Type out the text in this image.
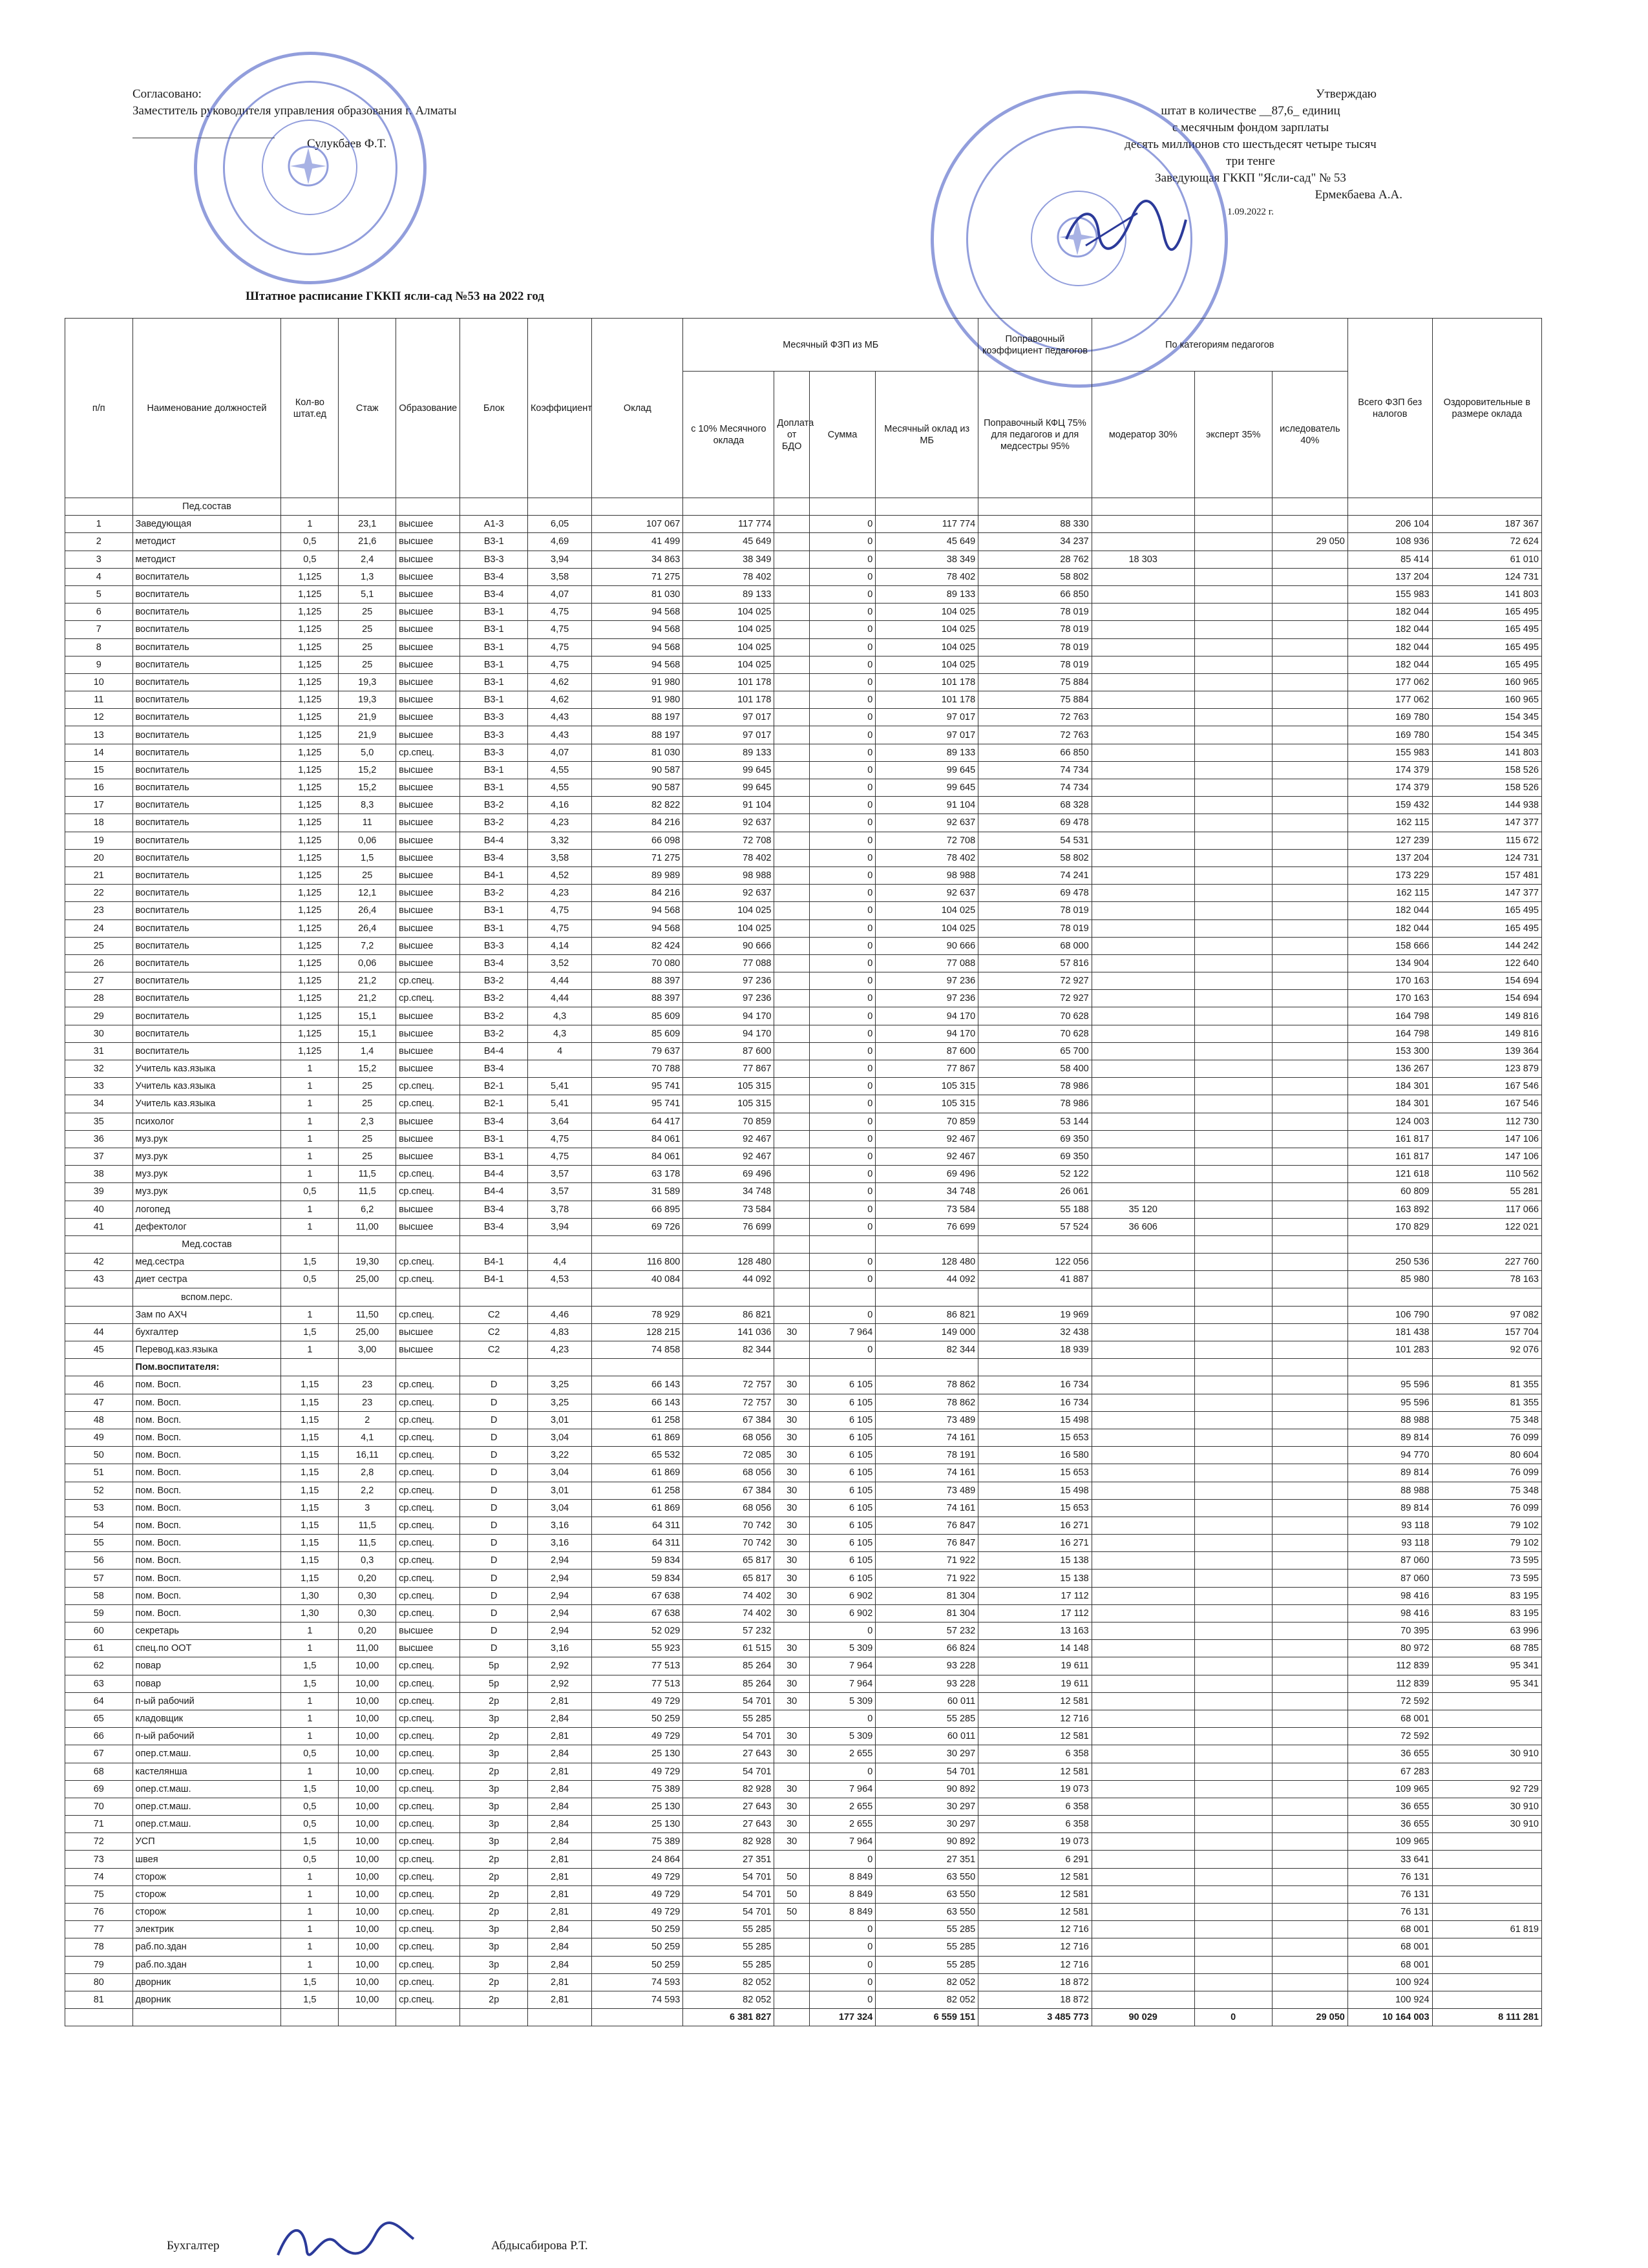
Согласовано:
Заместитель руководителя управления образования г. Алматы
Сулукбаев Ф.Т.
Утверждаю
штат в количестве __87,6_ единиц
с месячным фондом зарплаты
десять миллионов сто шестьдесят четыре тысяч
три тенге
Заведующая ГККП "Ясли-сад" № 53
Ермекбаева А.А.
1.09.2022 г.
Штатное расписание ГККП ясли-сад №53 на 2022 год
п/п	Наименование должностей	Кол-во штат.ед	Стаж	Образование	Блок	Коэффициент	Оклад	Месячный ФЗП из МБ				Поправочный коэффициент педагогов	По категориям педагогов			Всего ФЗП без налогов	Оздоровительные в размере оклада
								с 10% Месячного оклада	Доплата от БДО	Сумма	Месячный оклад из МБ	Поправочный КФЦ 75% для педагогов и для медсестры 95%	модератор 30%	эксперт 35%	иследователь 40%		
	Пед.состав																
1	Заведующая	1	23,1	высшее	А1-3	6,05	107 067	117 774		0	117 774	88 330				206 104	187 367
2	методист	0,5	21,6	высшее	В3-1	4,69	41 499	45 649		0	45 649	34 237			29 050	108 936	72 624
3	методист	0,5	2,4	высшее	В3-3	3,94	34 863	38 349		0	38 349	28 762	18 303			85 414	61 010
4	воспитатель	1,125	1,3	высшее	В3-4	3,58	71 275	78 402		0	78 402	58 802				137 204	124 731
5	воспитатель	1,125	5,1	высшее	В3-4	4,07	81 030	89 133		0	89 133	66 850				155 983	141 803
6	воспитатель	1,125	25	высшее	В3-1	4,75	94 568	104 025		0	104 025	78 019				182 044	165 495
7	воспитатель	1,125	25	высшее	В3-1	4,75	94 568	104 025		0	104 025	78 019				182 044	165 495
8	воспитатель	1,125	25	высшее	В3-1	4,75	94 568	104 025		0	104 025	78 019				182 044	165 495
9	воспитатель	1,125	25	высшее	В3-1	4,75	94 568	104 025		0	104 025	78 019				182 044	165 495
10	воспитатель	1,125	19,3	высшее	В3-1	4,62	91 980	101 178		0	101 178	75 884				177 062	160 965
11	воспитатель	1,125	19,3	высшее	В3-1	4,62	91 980	101 178		0	101 178	75 884				177 062	160 965
12	воспитатель	1,125	21,9	высшее	В3-3	4,43	88 197	97 017		0	97 017	72 763				169 780	154 345
13	воспитатель	1,125	21,9	высшее	В3-3	4,43	88 197	97 017		0	97 017	72 763				169 780	154 345
14	воспитатель	1,125	5,0	ср.спец.	В3-3	4,07	81 030	89 133		0	89 133	66 850				155 983	141 803
15	воспитатель	1,125	15,2	высшее	В3-1	4,55	90 587	99 645		0	99 645	74 734				174 379	158 526
16	воспитатель	1,125	15,2	высшее	В3-1	4,55	90 587	99 645		0	99 645	74 734				174 379	158 526
17	воспитатель	1,125	8,3	высшее	В3-2	4,16	82 822	91 104		0	91 104	68 328				159 432	144 938
18	воспитатель	1,125	11	высшее	В3-2	4,23	84 216	92 637		0	92 637	69 478				162 115	147 377
19	воспитатель	1,125	0,06	высшее	В4-4	3,32	66 098	72 708		0	72 708	54 531				127 239	115 672
20	воспитатель	1,125	1,5	высшее	В3-4	3,58	71 275	78 402		0	78 402	58 802				137 204	124 731
21	воспитатель	1,125	25	высшее	В4-1	4,52	89 989	98 988		0	98 988	74 241				173 229	157 481
22	воспитатель	1,125	12,1	высшее	В3-2	4,23	84 216	92 637		0	92 637	69 478				162 115	147 377
23	воспитатель	1,125	26,4	высшее	В3-1	4,75	94 568	104 025		0	104 025	78 019				182 044	165 495
24	воспитатель	1,125	26,4	высшее	В3-1	4,75	94 568	104 025		0	104 025	78 019				182 044	165 495
25	воспитатель	1,125	7,2	высшее	В3-3	4,14	82 424	90 666		0	90 666	68 000				158 666	144 242
26	воспитатель	1,125	0,06	высшее	В3-4	3,52	70 080	77 088		0	77 088	57 816				134 904	122 640
27	воспитатель	1,125	21,2	ср.спец.	В3-2	4,44	88 397	97 236		0	97 236	72 927				170 163	154 694
28	воспитатель	1,125	21,2	ср.спец.	В3-2	4,44	88 397	97 236		0	97 236	72 927				170 163	154 694
29	воспитатель	1,125	15,1	высшее	В3-2	4,3	85 609	94 170		0	94 170	70 628				164 798	149 816
30	воспитатель	1,125	15,1	высшее	В3-2	4,3	85 609	94 170		0	94 170	70 628				164 798	149 816
31	воспитатель	1,125	1,4	высшее	В4-4	4	79 637	87 600		0	87 600	65 700				153 300	139 364
32	Учитель каз.языка	1	15,2	высшее	В3-4		70 788	77 867		0	77 867	58 400				136 267	123 879
33	Учитель каз.языка	1	25	ср.спец.	В2-1	5,41	95 741	105 315		0	105 315	78 986				184 301	167 546
34	Учитель каз.языка	1	25	ср.спец.	В2-1	5,41	95 741	105 315		0	105 315	78 986				184 301	167 546
35	психолог	1	2,3	высшее	В3-4	3,64	64 417	70 859		0	70 859	53 144				124 003	112 730
36	муз.рук	1	25	высшее	В3-1	4,75	84 061	92 467		0	92 467	69 350				161 817	147 106
37	муз.рук	1	25	высшее	В3-1	4,75	84 061	92 467		0	92 467	69 350				161 817	147 106
38	муз.рук	1	11,5	ср.спец.	В4-4	3,57	63 178	69 496		0	69 496	52 122				121 618	110 562
39	муз.рук	0,5	11,5	ср.спец.	В4-4	3,57	31 589	34 748		0	34 748	26 061				60 809	55 281
40	логопед	1	6,2	высшее	В3-4	3,78	66 895	73 584		0	73 584	55 188	35 120			163 892	117 066
41	дефектолог	1	11,00	высшее	В3-4	3,94	69 726	76 699		0	76 699	57 524	36 606			170 829	122 021
	Мед.состав																
42	мед.сестра	1,5	19,30	ср.спец.	В4-1	4,4	116 800	128 480		0	128 480	122 056				250 536	227 760
43	диет сестра	0,5	25,00	ср.спец.	В4-1	4,53	40 084	44 092		0	44 092	41 887				85 980	78 163
	вспом.перс.																
	Зам по АХЧ	1	11,50	ср.спец.	С2	4,46	78 929	86 821		0	86 821	19 969				106 790	97 082
44	бухгалтер	1,5	25,00	высшее	С2	4,83	128 215	141 036	30	7 964	149 000	32 438				181 438	157 704
45	Перевод.каз.языка	1	3,00	высшее	С2	4,23	74 858	82 344		0	82 344	18 939				101 283	92 076
	Пом.воспитателя:																
46	пом. Восп.	1,15	23	ср.спец.	D	3,25	66 143	72 757	30	6 105	78 862	16 734				95 596	81 355
47	пом. Восп.	1,15	23	ср.спец.	D	3,25	66 143	72 757	30	6 105	78 862	16 734				95 596	81 355
48	пом. Восп.	1,15	2	ср.спец.	D	3,01	61 258	67 384	30	6 105	73 489	15 498				88 988	75 348
49	пом. Восп.	1,15	4,1	ср.спец.	D	3,04	61 869	68 056	30	6 105	74 161	15 653				89 814	76 099
50	пом. Восп.	1,15	16,11	ср.спец.	D	3,22	65 532	72 085	30	6 105	78 191	16 580				94 770	80 604
51	пом. Восп.	1,15	2,8	ср.спец.	D	3,04	61 869	68 056	30	6 105	74 161	15 653				89 814	76 099
52	пом. Восп.	1,15	2,2	ср.спец.	D	3,01	61 258	67 384	30	6 105	73 489	15 498				88 988	75 348
53	пом. Восп.	1,15	3	ср.спец.	D	3,04	61 869	68 056	30	6 105	74 161	15 653				89 814	76 099
54	пом. Восп.	1,15	11,5	ср.спец.	D	3,16	64 311	70 742	30	6 105	76 847	16 271				93 118	79 102
55	пом. Восп.	1,15	11,5	ср.спец.	D	3,16	64 311	70 742	30	6 105	76 847	16 271				93 118	79 102
56	пом. Восп.	1,15	0,3	ср.спец.	D	2,94	59 834	65 817	30	6 105	71 922	15 138				87 060	73 595
57	пом. Восп.	1,15	0,20	ср.спец.	D	2,94	59 834	65 817	30	6 105	71 922	15 138				87 060	73 595
58	пом. Восп.	1,30	0,30	ср.спец.	D	2,94	67 638	74 402	30	6 902	81 304	17 112				98 416	83 195
59	пом. Восп.	1,30	0,30	ср.спец.	D	2,94	67 638	74 402	30	6 902	81 304	17 112				98 416	83 195
60	секретарь	1	0,20	высшее	D	2,94	52 029	57 232		0	57 232	13 163				70 395	63 996
61	спец.по ООТ	1	11,00	высшее	D	3,16	55 923	61 515	30	5 309	66 824	14 148				80 972	68 785
62	повар	1,5	10,00	ср.спец.	5р	2,92	77 513	85 264	30	7 964	93 228	19 611				112 839	95 341
63	повар	1,5	10,00	ср.спец.	5р	2,92	77 513	85 264	30	7 964	93 228	19 611				112 839	95 341
64	п-ый рабочий	1	10,00	ср.спец.	2р	2,81	49 729	54 701	30	5 309	60 011	12 581				72 592	
65	кладовщик	1	10,00	ср.спец.	3р	2,84	50 259	55 285		0	55 285	12 716				68 001	
66	п-ый рабочий	1	10,00	ср.спец.	2р	2,81	49 729	54 701	30	5 309	60 011	12 581				72 592	
67	опер.ст.маш.	0,5	10,00	ср.спец.	3р	2,84	25 130	27 643	30	2 655	30 297	6 358				36 655	30 910
68	кастелянша	1	10,00	ср.спец.	2р	2,81	49 729	54 701		0	54 701	12 581				67 283	
69	опер.ст.маш.	1,5	10,00	ср.спец.	3р	2,84	75 389	82 928	30	7 964	90 892	19 073				109 965	92 729
70	опер.ст.маш.	0,5	10,00	ср.спец.	3р	2,84	25 130	27 643	30	2 655	30 297	6 358				36 655	30 910
71	опер.ст.маш.	0,5	10,00	ср.спец.	3р	2,84	25 130	27 643	30	2 655	30 297	6 358				36 655	30 910
72	УСП	1,5	10,00	ср.спец.	3р	2,84	75 389	82 928	30	7 964	90 892	19 073				109 965	
73	швея	0,5	10,00	ср.спец.	2р	2,81	24 864	27 351		0	27 351	6 291				33 641	
74	сторож	1	10,00	ср.спец.	2р	2,81	49 729	54 701	50	8 849	63 550	12 581				76 131	
75	сторож	1	10,00	ср.спец.	2р	2,81	49 729	54 701	50	8 849	63 550	12 581				76 131	
76	сторож	1	10,00	ср.спец.	2р	2,81	49 729	54 701	50	8 849	63 550	12 581				76 131	
77	электрик	1	10,00	ср.спец.	3р	2,84	50 259	55 285		0	55 285	12 716				68 001	61 819
78	раб.по.здан	1	10,00	ср.спец.	3р	2,84	50 259	55 285		0	55 285	12 716				68 001	
79	раб.по.здан	1	10,00	ср.спец.	3р	2,84	50 259	55 285		0	55 285	12 716				68 001	
80	дворник	1,5	10,00	ср.спец.	2р	2,81	74 593	82 052		0	82 052	18 872				100 924	
81	дворник	1,5	10,00	ср.спец.	2р	2,81	74 593	82 052		0	82 052	18 872				100 924	
								6 381 827		177 324	6 559 151	3 485 773	90 029	0	29 050	10 164 003	8 111 281
Бухгалтер	Абдысабирова Р.Т.
